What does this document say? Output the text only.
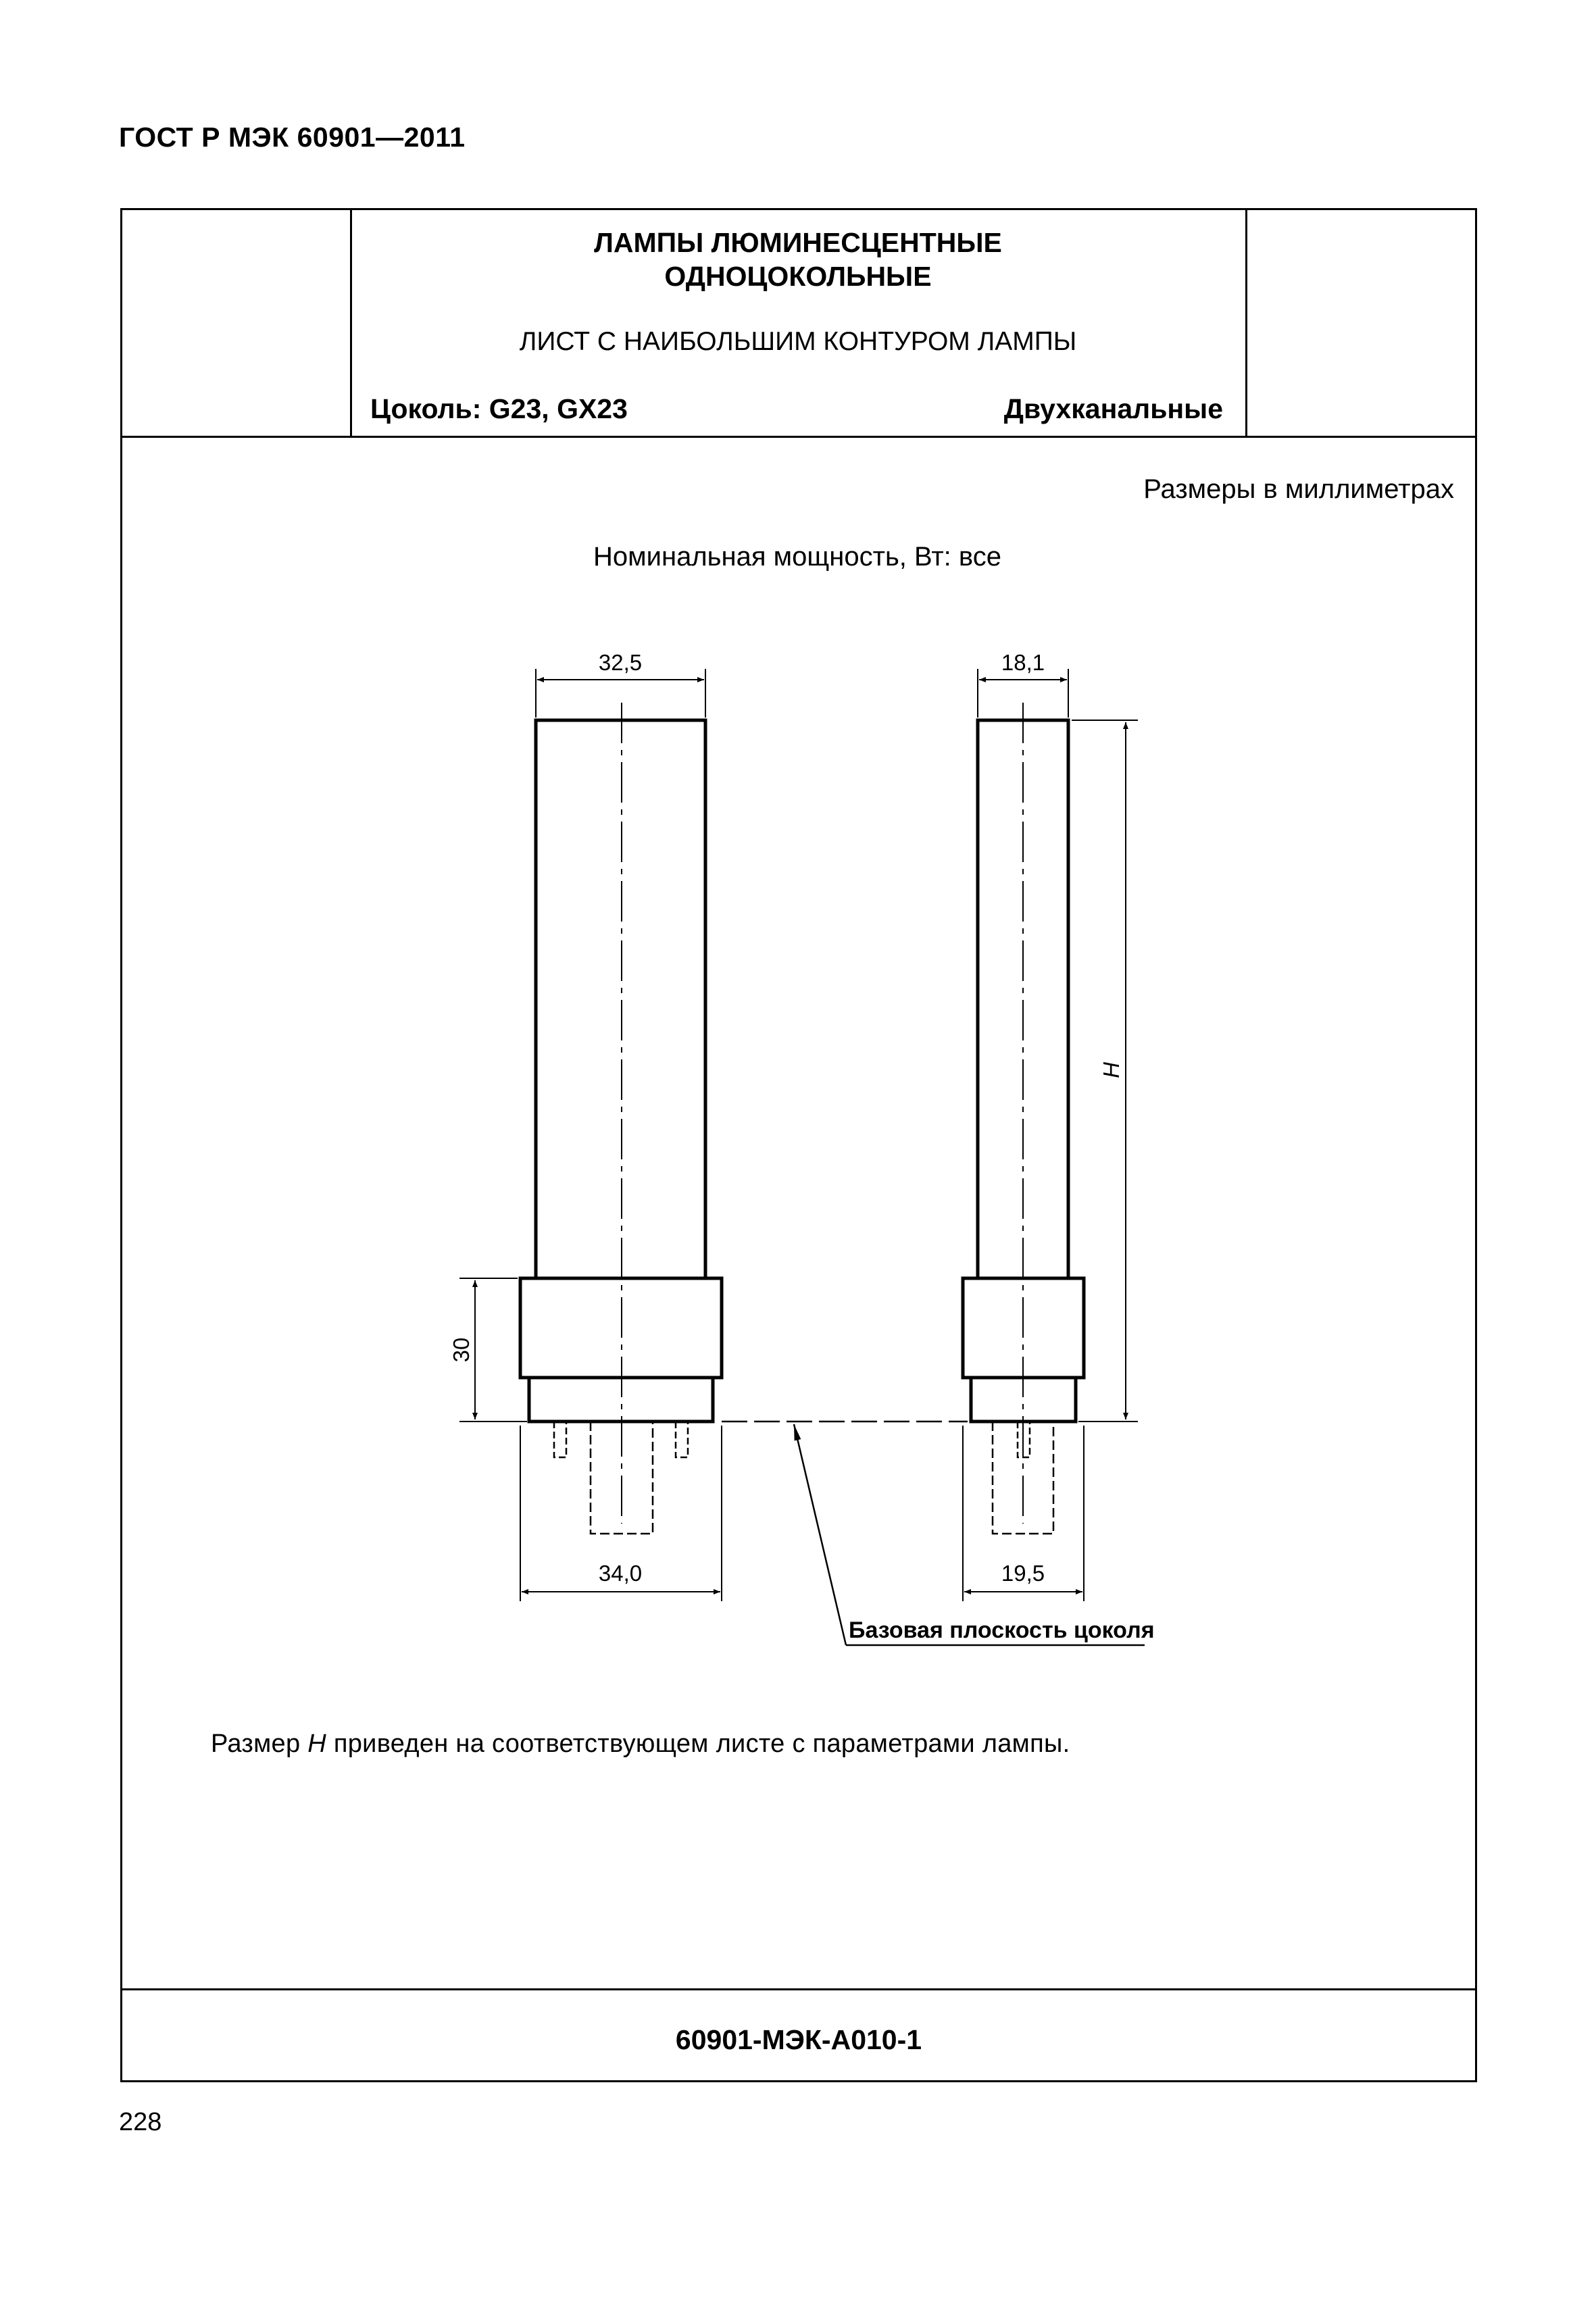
ГОСТ Р МЭК 60901—2011
ЛАМПЫ ЛЮМИНЕСЦЕНТНЫЕ
ОДНОЦОКОЛЬНЫЕ
ЛИСТ С НАИБОЛЬШИМ КОНТУРОМ ЛАМПЫ
Цоколь: G23, GX23	Двухканальные
Размеры в миллиметрах
Номинальная мощность, Вт: все
Размер H приведен на соответствующем листе с параметрами лампы.
60901-МЭК-А010-1
228
32,5
34,0
30
18,1
19,5
H
Базовая плоскость цоколя
